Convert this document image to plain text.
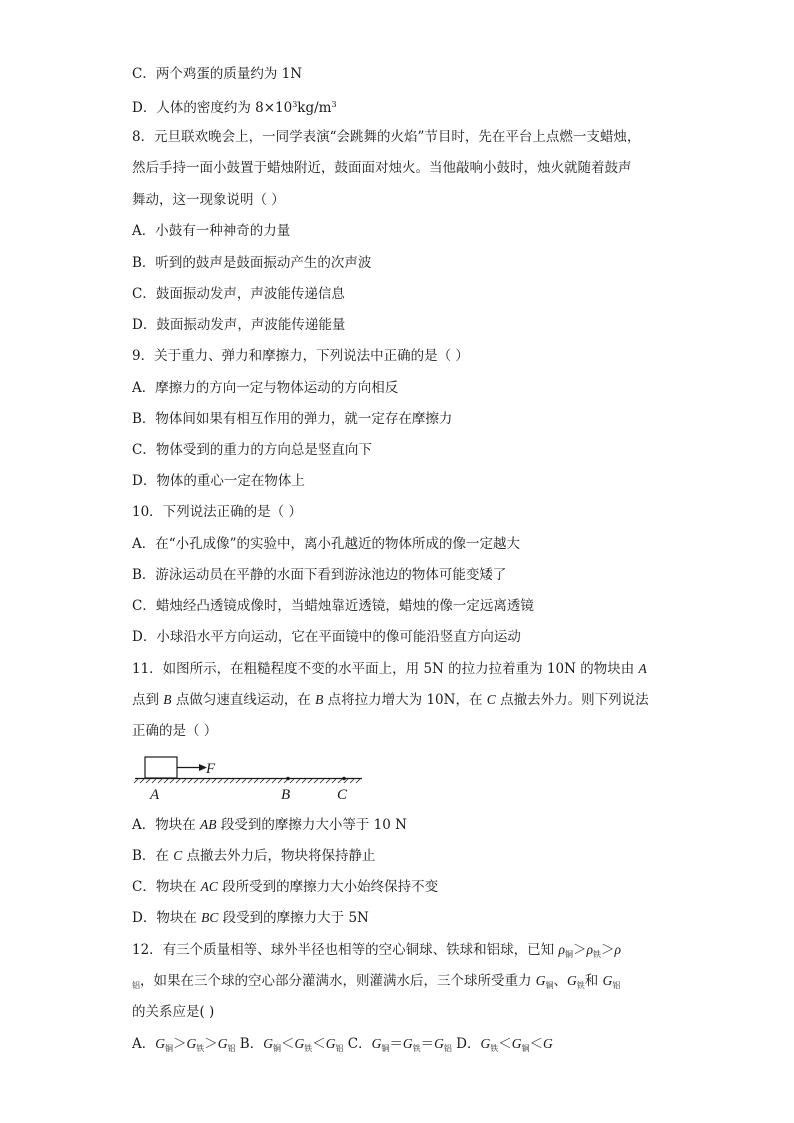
C．两个鸡蛋的质量约为 1N
D．人体的密度约为 $8\times 10^3kg/m^3$
8．元旦联欢晚会上，一同学表演“会跳舞的火焰”节目时，先在平台上点燃一支蜡烛，
然后手持一面小鼓置于蜡烛附近，鼓面面对烛火。当他敲响小鼓时，烛火就随着鼓声
舞动，这一现象说明（ ）
A．小鼓有一种神奇的力量
B．听到的鼓声是鼓面振动产生的次声波
C．鼓面振动发声，声波能传递信息
D．鼓面振动发声，声波能传递能量
9．关于重力、弹力和摩擦力，下列说法中正确的是（ ）
A．摩擦力的方向一定与物体运动的方向相反
B．物体间如果有相互作用的弹力，就一定存在摩擦力
C．物体受到的重力的方向总是竖直向下
D．物体的重心一定在物体上
10．下列说法正确的是（ ）
A．在“小孔成像”的实验中，离小孔越近的物体所成的像一定越大
B．游泳运动员在平静的水面下看到游泳池边的物体可能变矮了
C．蜡烛经凸透镜成像时，当蜡烛靠近透镜，蜡烛的像一定远离透镜
D．小球沿水平方向运动，它在平面镜中的像可能沿竖直方向运动
11．如图所示，在粗糙程度不变的水平面上，用 5N 的拉力拉着重为 10N 的物块由 A
点到 B 点做匀速直线运动，在 B 点将拉力增大为 10N，在 C 点撤去外力。则下列说法
正确的是（ ）
F
A	B	C
A．物块在 AB 段受到的摩擦力大小等于 10 N
B．在 C 点撤去外力后，物块将保持静止
C．物块在 AC 段所受到的摩擦力大小始终保持不变
D．物块在 BC 段受到的摩擦力大于 5N
12．有三个质量相等、球外半径也相等的空心铜球、铁球和铝球，已知 $\rho_铜>\rho_铁>\rho$
$_铝$，如果在三个球的空心部分灌满水，则灌满水后，三个球所受重力 $G_铜$、$G_铁$和 $G_铝$
的关系应是( )
A．$G_铜>G_铁>G_铝$ B．$G_铜<G_铁<G_铝$ C．$G_铜=G_铁=G_铝$ D．$G_铁<G_铜<G$
